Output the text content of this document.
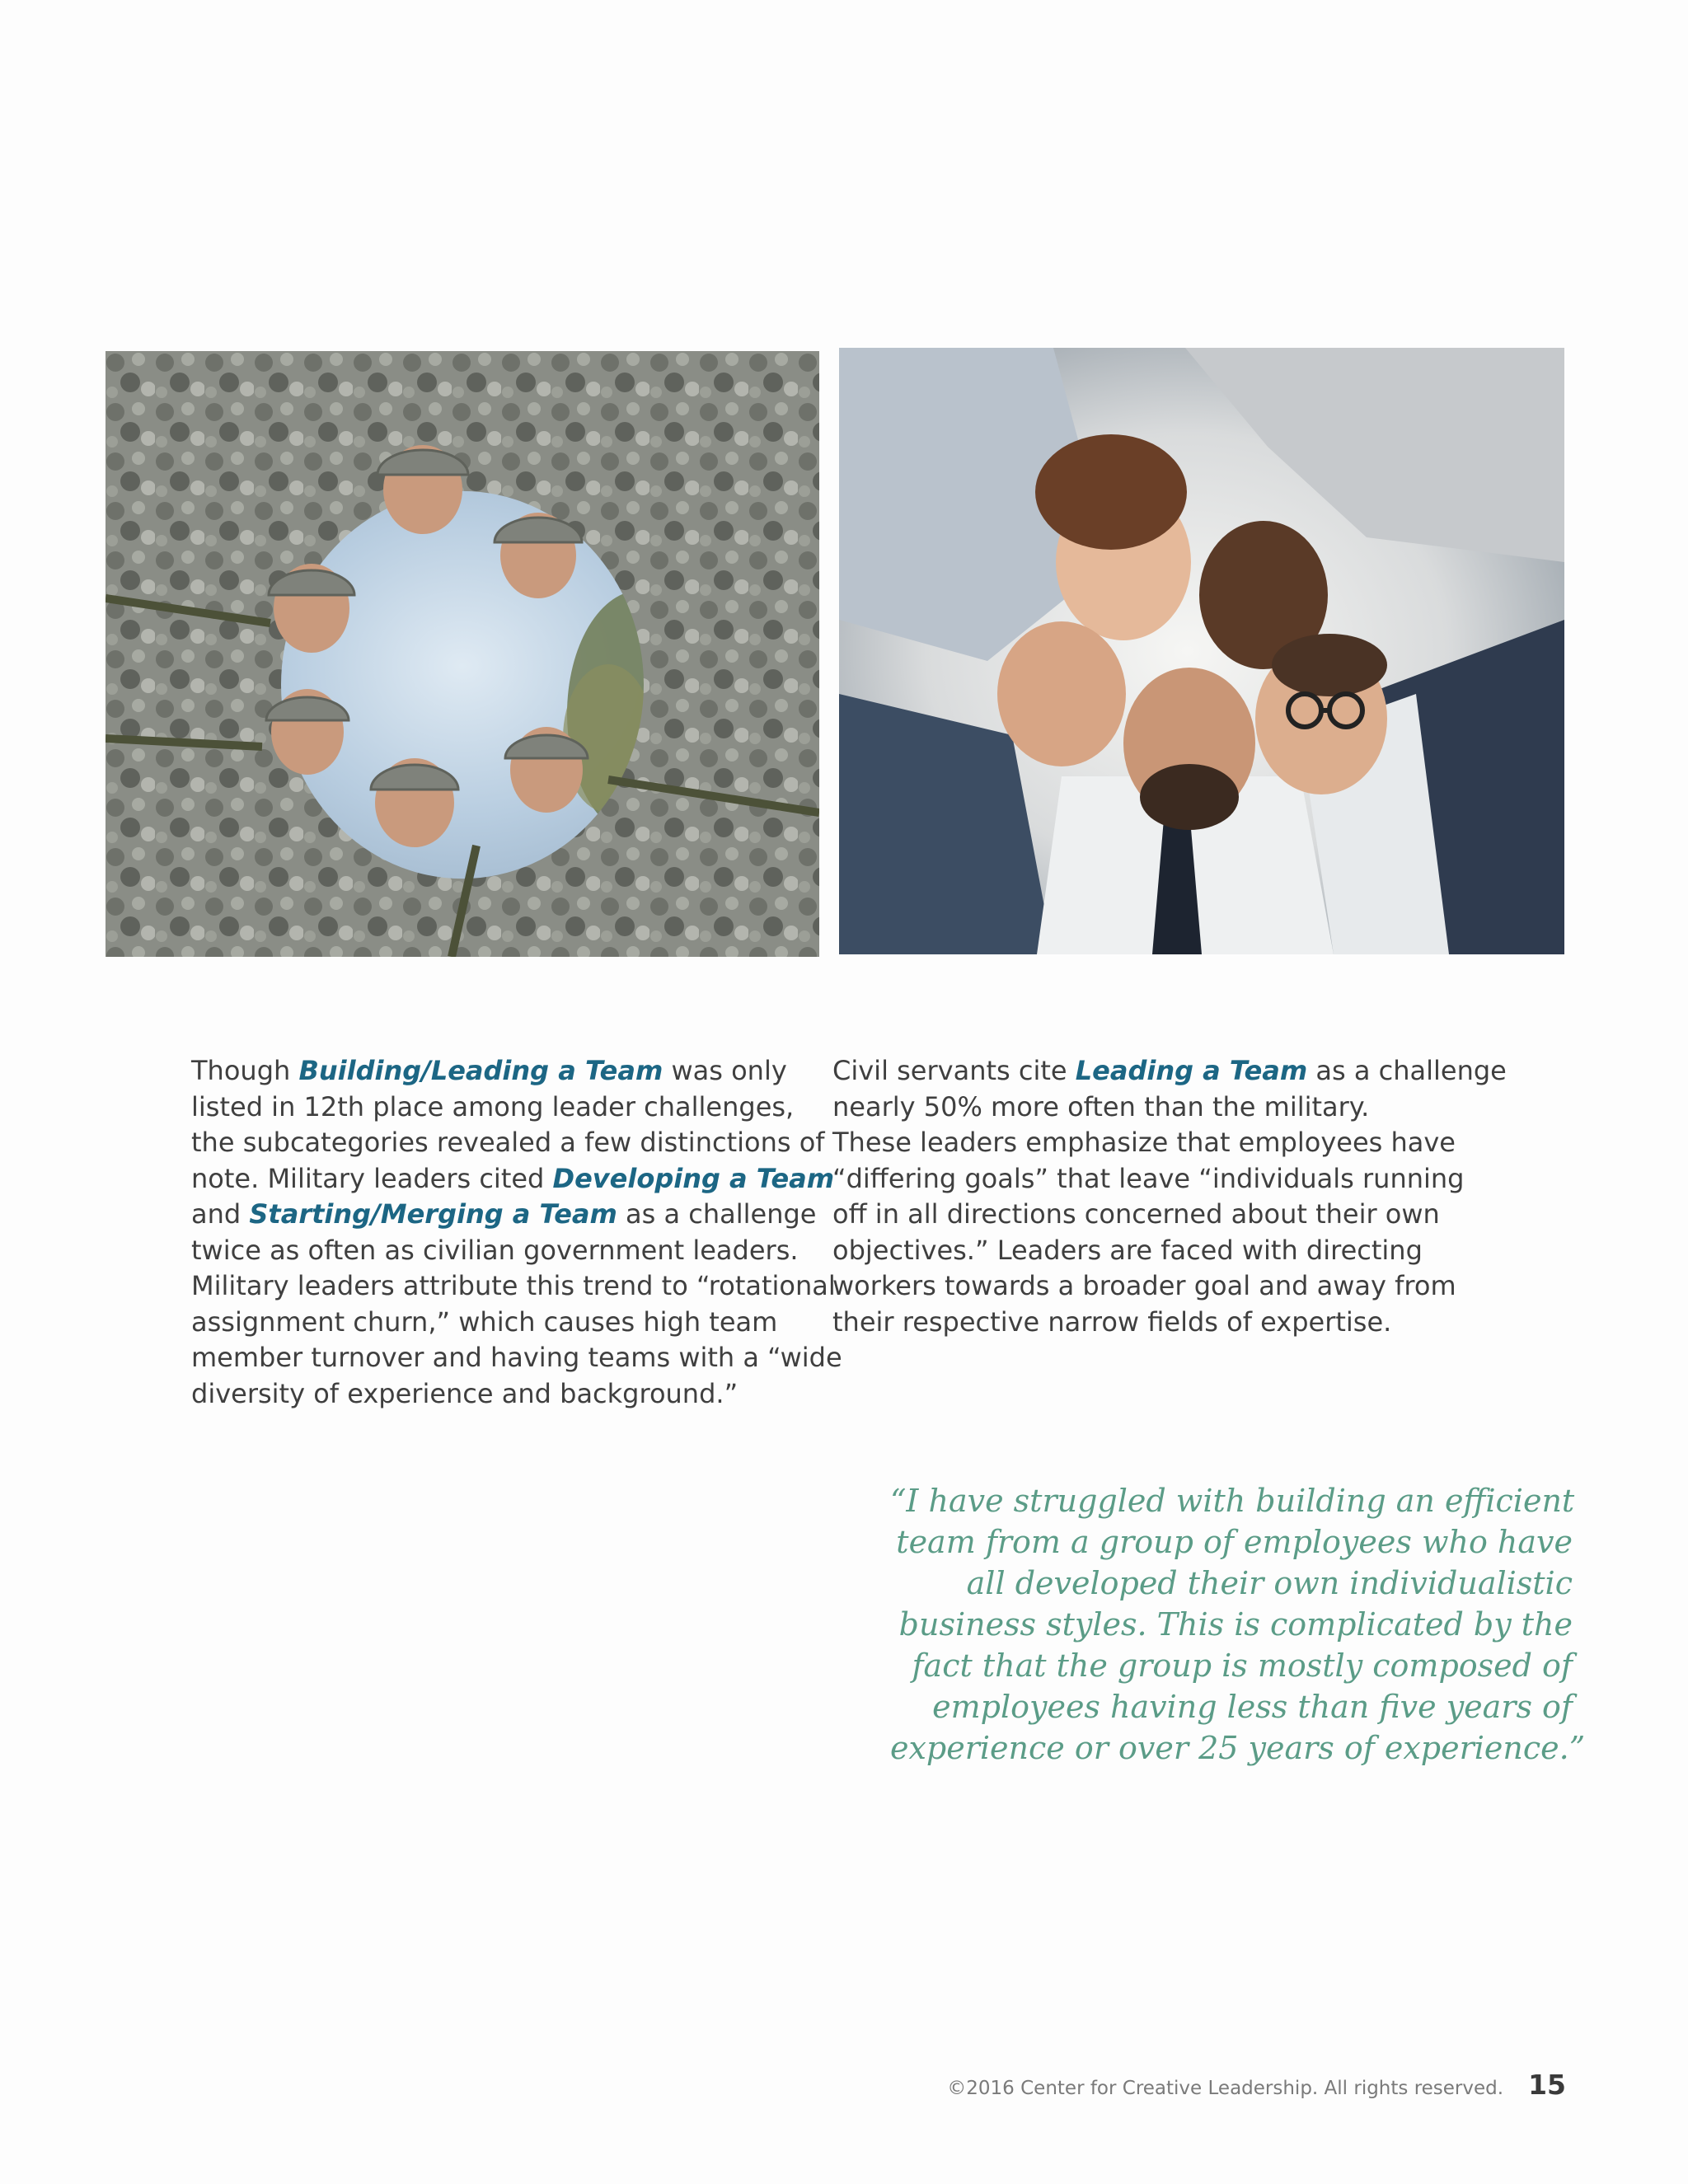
Though Building/Leading a Team was only
listed in 12th place among leader challenges,
the subcategories revealed a few distinctions of
note. Military leaders cited Developing a Team
and Starting/Merging a Team as a challenge
twice as often as civilian government leaders.
Military leaders attribute this trend to “rotational
assignment churn,” which causes high team
member turnover and having teams with a “wide
diversity of experience and background.”
Civil servants cite Leading a Team as a challenge
nearly 50% more often than the military.
These leaders emphasize that employees have
“differing goals” that leave “individuals running
off in all directions concerned about their own
objectives.” Leaders are faced with directing
workers towards a broader goal and away from
their respective narrow fields of expertise.
“I have struggled with building an efficient
team from a group of employees who have
all developed their own individualistic
business styles. This is complicated by the
fact that the group is mostly composed of
employees having less than five years of
experience or over 25 years of experience.”
©2016 Center for Creative Leadership. All rights reserved. 15
